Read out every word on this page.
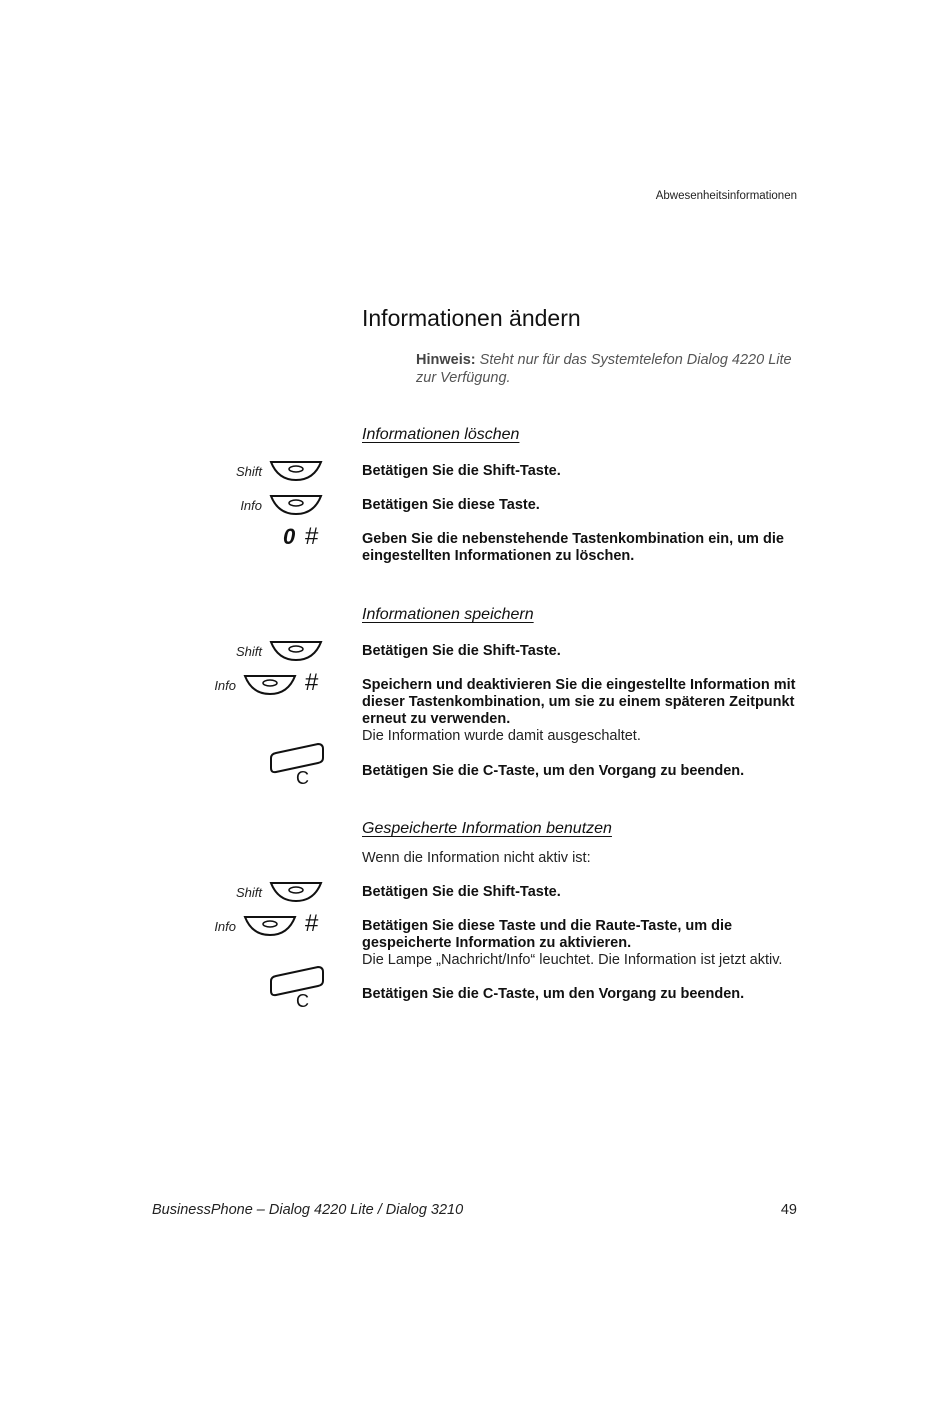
Abwesenheitsinformationen
Informationen ändern
Hinweis: Steht nur für das Systemtelefon Dialog 4220 Lite zur Verfügung.
Informationen löschen
Shift	Betätigen Sie die Shift-Taste.
Info	Betätigen Sie diese Taste.
0 #	Geben Sie die nebenstehende Tastenkombination ein, um die eingestellten Informationen zu löschen.
Informationen speichern
Shift	Betätigen Sie die Shift-Taste.
Info	#	Speichern und deaktivieren Sie die eingestellte Information mit dieser Tastenkombination, um sie zu einem späteren Zeitpunkt erneut zu verwenden.
Die Information wurde damit ausgeschaltet.
C	Betätigen Sie die C-Taste, um den Vorgang zu beenden.
Gespeicherte Information benutzen
Wenn die Information nicht aktiv ist:
Shift	Betätigen Sie die Shift-Taste.
Info	#	Betätigen Sie diese Taste und die Raute-Taste, um die gespeicherte Information zu aktivieren.
Die Lampe „Nachricht/Info“ leuchtet. Die Information ist jetzt aktiv.
C	Betätigen Sie die C-Taste, um den Vorgang zu beenden.
BusinessPhone – Dialog 4220 Lite / Dialog 3210	49
